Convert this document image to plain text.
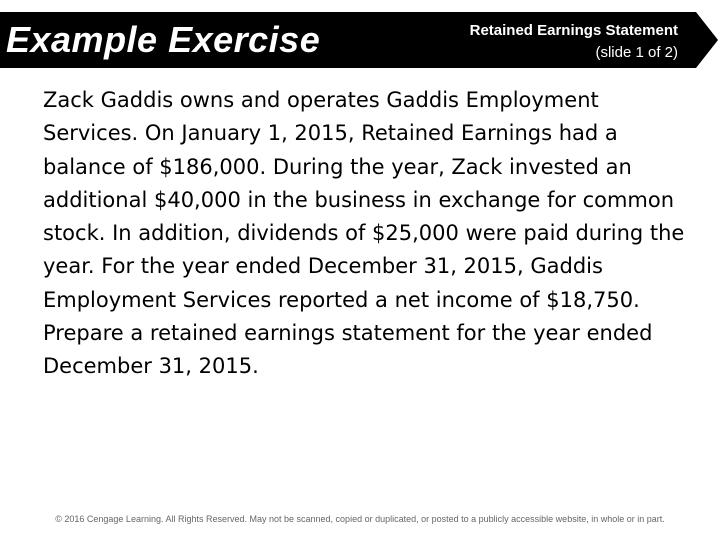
Example Exercise	Retained Earnings Statement
(slide 1 of 2)

Zack Gaddis owns and operates Gaddis Employment Services. On January 1, 2015, Retained Earnings had a balance of $186,000. During the year, Zack invested an additional $40,000 in the business in exchange for common stock. In addition, dividends of $25,000 were paid during the year. For the year ended December 31, 2015, Gaddis Employment Services reported a net income of $18,750. Prepare a retained earnings statement for the year ended December 31, 2015.

© 2016 Cengage Learning. All Rights Reserved. May not be scanned, copied or duplicated, or posted to a publicly accessible website, in whole or in part.
